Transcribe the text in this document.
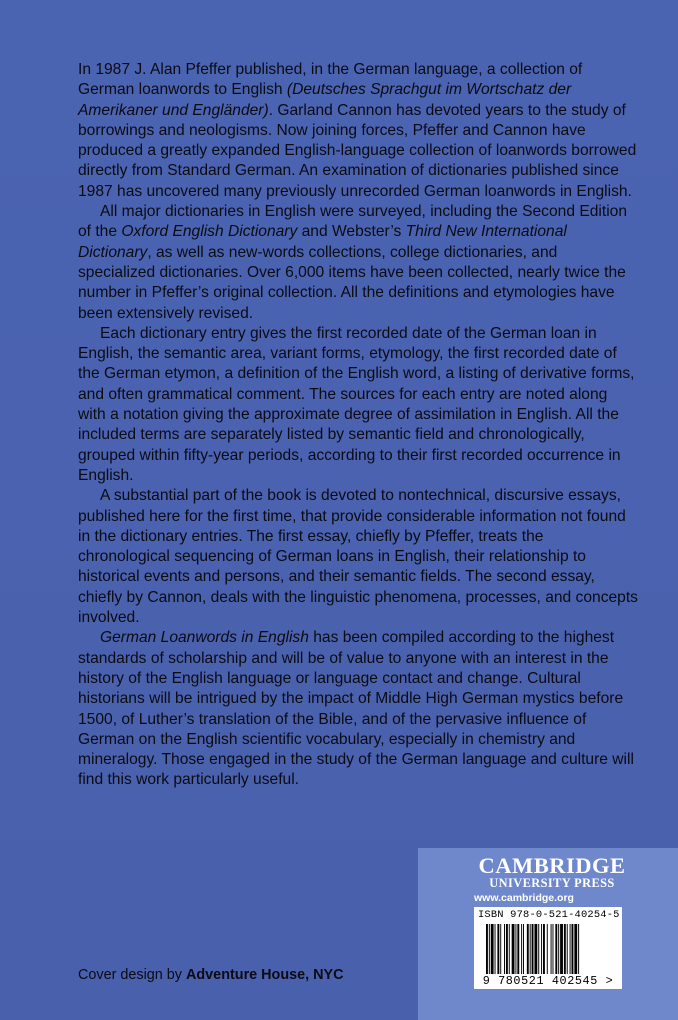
In 1987 J. Alan Pfeffer published, in the German language, a collection of German loanwords to English (Deutsches Sprachgut im Wortschatz der Amerikaner und Engländer). Garland Cannon has devoted years to the study of borrowings and neologisms. Now joining forces, Pfeffer and Cannon have produced a greatly expanded English-language collection of loanwords borrowed directly from Standard German. An examination of dictionaries published since 1987 has uncovered many previously unrecorded German loanwords in English.

All major dictionaries in English were surveyed, including the Second Edition of the Oxford English Dictionary and Webster’s Third New International Dictionary, as well as new-words collections, college dictionaries, and specialized dictionaries. Over 6,000 items have been collected, nearly twice the number in Pfeffer’s original collection. All the definitions and etymologies have been extensively revised.

Each dictionary entry gives the first recorded date of the German loan in English, the semantic area, variant forms, etymology, the first recorded date of the German etymon, a definition of the English word, a listing of derivative forms, and often grammatical comment. The sources for each entry are noted along with a notation giving the approximate degree of assimilation in English. All the included terms are separately listed by semantic field and chronologically, grouped within fifty-year periods, according to their first recorded occurrence in English.

A substantial part of the book is devoted to nontechnical, discursive essays, published here for the first time, that provide considerable information not found in the dictionary entries. The first essay, chiefly by Pfeffer, treats the chronological sequencing of German loans in English, their relationship to historical events and persons, and their semantic fields. The second essay, chiefly by Cannon, deals with the linguistic phenomena, processes, and concepts involved.

German Loanwords in English has been compiled according to the highest standards of scholarship and will be of value to anyone with an interest in the history of the English language or language contact and change. Cultural historians will be intrigued by the impact of Middle High German mystics before 1500, of Luther’s translation of the Bible, and of the pervasive influence of German on the English scientific vocabulary, especially in chemistry and mineralogy. Those engaged in the study of the German language and culture will find this work particularly useful.

CAMBRIDGE
UNIVERSITY PRESS
www.cambridge.org
ISBN 978-0-521-40254-5
9 780521 402545 >
Cover design by Adventure House, NYC
